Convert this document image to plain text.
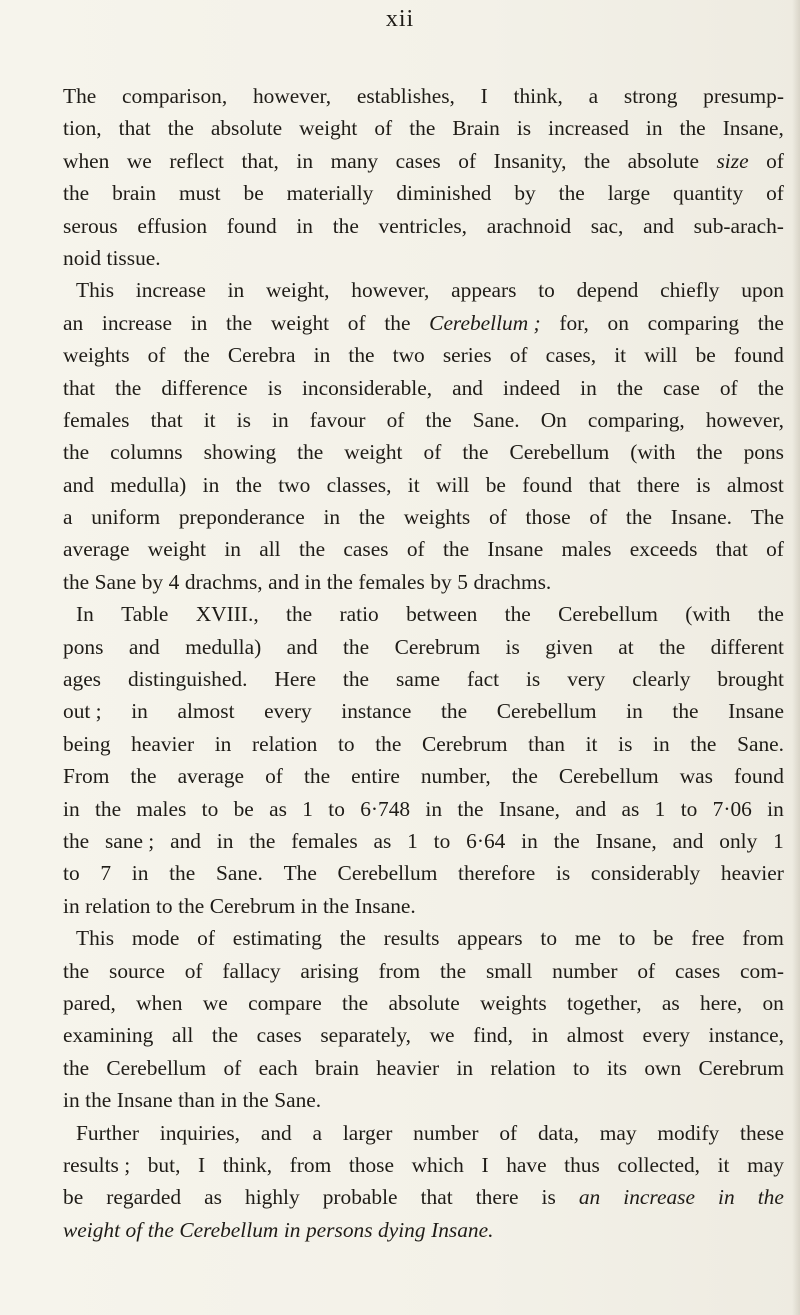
xii
The comparison, however, establishes, I think, a strong presump-
tion, that the absolute weight of the Brain is increased in the Insane,
when we reflect that, in many cases of Insanity, the absolute size of
the brain must be materially diminished by the large quantity of
serous effusion found in the ventricles, arachnoid sac, and sub-arach-
noid tissue.
This increase in weight, however, appears to depend chiefly upon
an increase in the weight of the Cerebellum ; for, on comparing the
weights of the Cerebra in the two series of cases, it will be found
that the difference is inconsiderable, and indeed in the case of the
females that it is in favour of the Sane. On comparing, however,
the columns showing the weight of the Cerebellum (with the pons
and medulla) in the two classes, it will be found that there is almost
a uniform preponderance in the weights of those of the Insane. The
average weight in all the cases of the Insane males exceeds that of
the Sane by 4 drachms, and in the females by 5 drachms.
In Table XVIII., the ratio between the Cerebellum (with the
pons and medulla) and the Cerebrum is given at the different
ages distinguished. Here the same fact is very clearly brought
out ; in almost every instance the Cerebellum in the Insane
being heavier in relation to the Cerebrum than it is in the Sane.
From the average of the entire number, the Cerebellum was found
in the males to be as 1 to 6·748 in the Insane, and as 1 to 7·06 in
the sane ; and in the females as 1 to 6·64 in the Insane, and only 1
to 7 in the Sane. The Cerebellum therefore is considerably heavier
in relation to the Cerebrum in the Insane.
This mode of estimating the results appears to me to be free from
the source of fallacy arising from the small number of cases com-
pared, when we compare the absolute weights together, as here, on
examining all the cases separately, we find, in almost every instance,
the Cerebellum of each brain heavier in relation to its own Cerebrum
in the Insane than in the Sane.
Further inquiries, and a larger number of data, may modify these
results ; but, I think, from those which I have thus collected, it may
be regarded as highly probable that there is an increase in the
weight of the Cerebellum in persons dying Insane.
